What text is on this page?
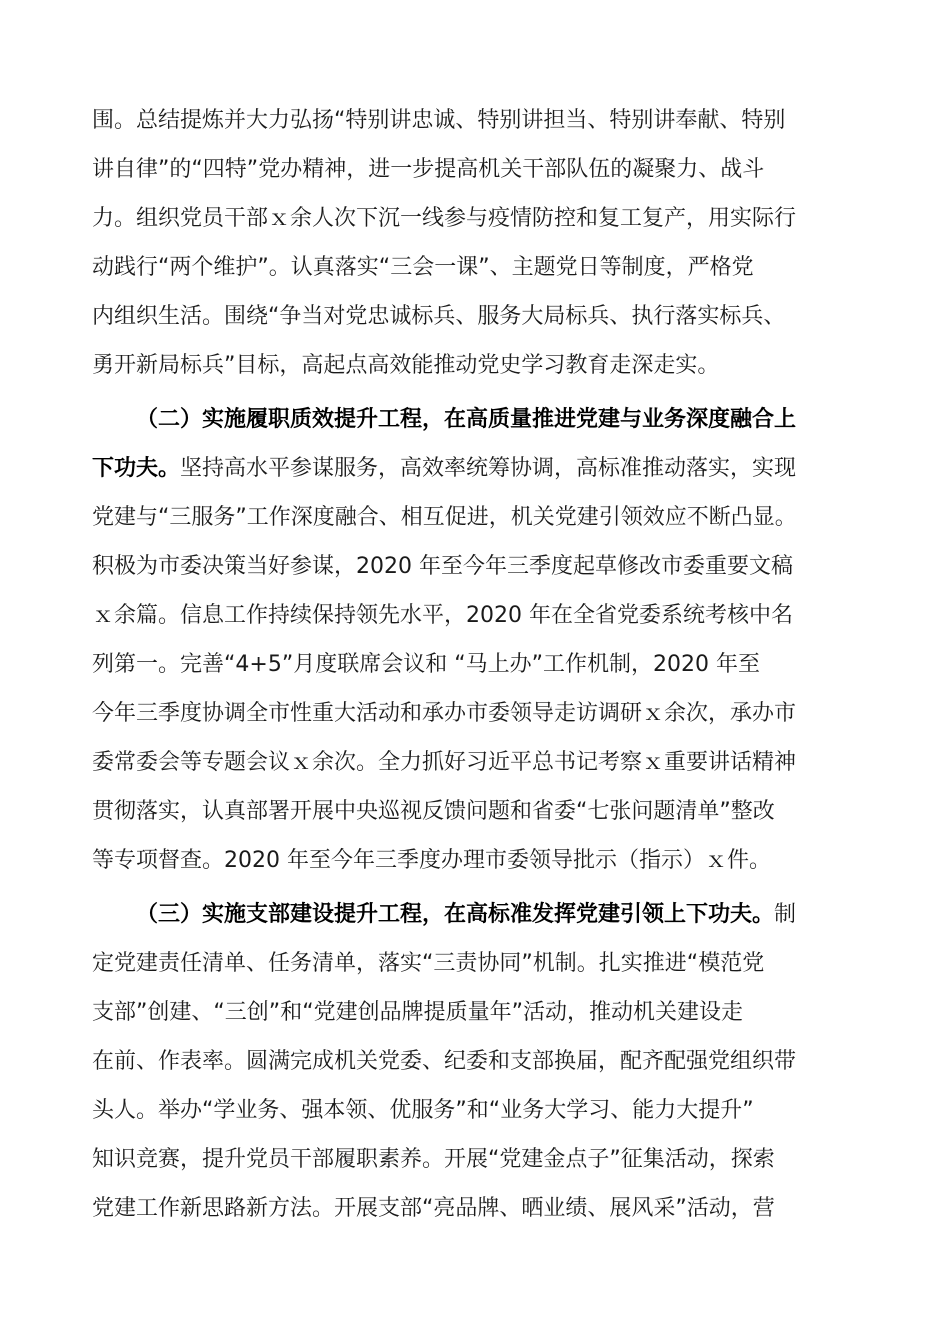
围。总结提炼并大力弘扬“特别讲忠诚、特别讲担当、特别讲奉献、特别
讲自律”的“四特”党办精神，进一步提高机关干部队伍的凝聚力、战斗
力。组织党员干部ｘ余人次下沉一线参与疫情防控和复工复产，用实际行
动践行“两个维护”。认真落实“三会一课”、主题党日等制度，严格党
内组织生活。围绕“争当对党忠诚标兵、服务大局标兵、执行落实标兵、
勇开新局标兵”目标，高起点高效能推动党史学习教育走深走实。
（二）实施履职质效提升工程，在高质量推进党建与业务深度融合上
下功夫。坚持高水平参谋服务，高效率统筹协调，高标准推动落实，实现
党建与“三服务”工作深度融合、相互促进，机关党建引领效应不断凸显。
积极为市委决策当好参谋，2020 年至今年三季度起草修改市委重要文稿
ｘ余篇。信息工作持续保持领先水平，2020 年在全省党委系统考核中名
列第一。完善“4+5”月度联席会议和 “马上办”工作机制，2020 年至
今年三季度协调全市性重大活动和承办市委领导走访调研ｘ余次，承办市
委常委会等专题会议ｘ余次。全力抓好习近平总书记考察ｘ重要讲话精神
贯彻落实，认真部署开展中央巡视反馈问题和省委“七张问题清单”整改
等专项督查。2020 年至今年三季度办理市委领导批示（指示）ｘ件。
（三）实施支部建设提升工程，在高标准发挥党建引领上下功夫。制
定党建责任清单、任务清单，落实“三责协同”机制。扎实推进“模范党
支部”创建、“三创”和“党建创品牌提质量年”活动，推动机关建设走
在前、作表率。圆满完成机关党委、纪委和支部换届，配齐配强党组织带
头人。举办“学业务、强本领、优服务”和“业务大学习、能力大提升”
知识竞赛，提升党员干部履职素养。开展“党建金点子”征集活动，探索
党建工作新思路新方法。开展支部“亮品牌、晒业绩、展风采”活动，营
